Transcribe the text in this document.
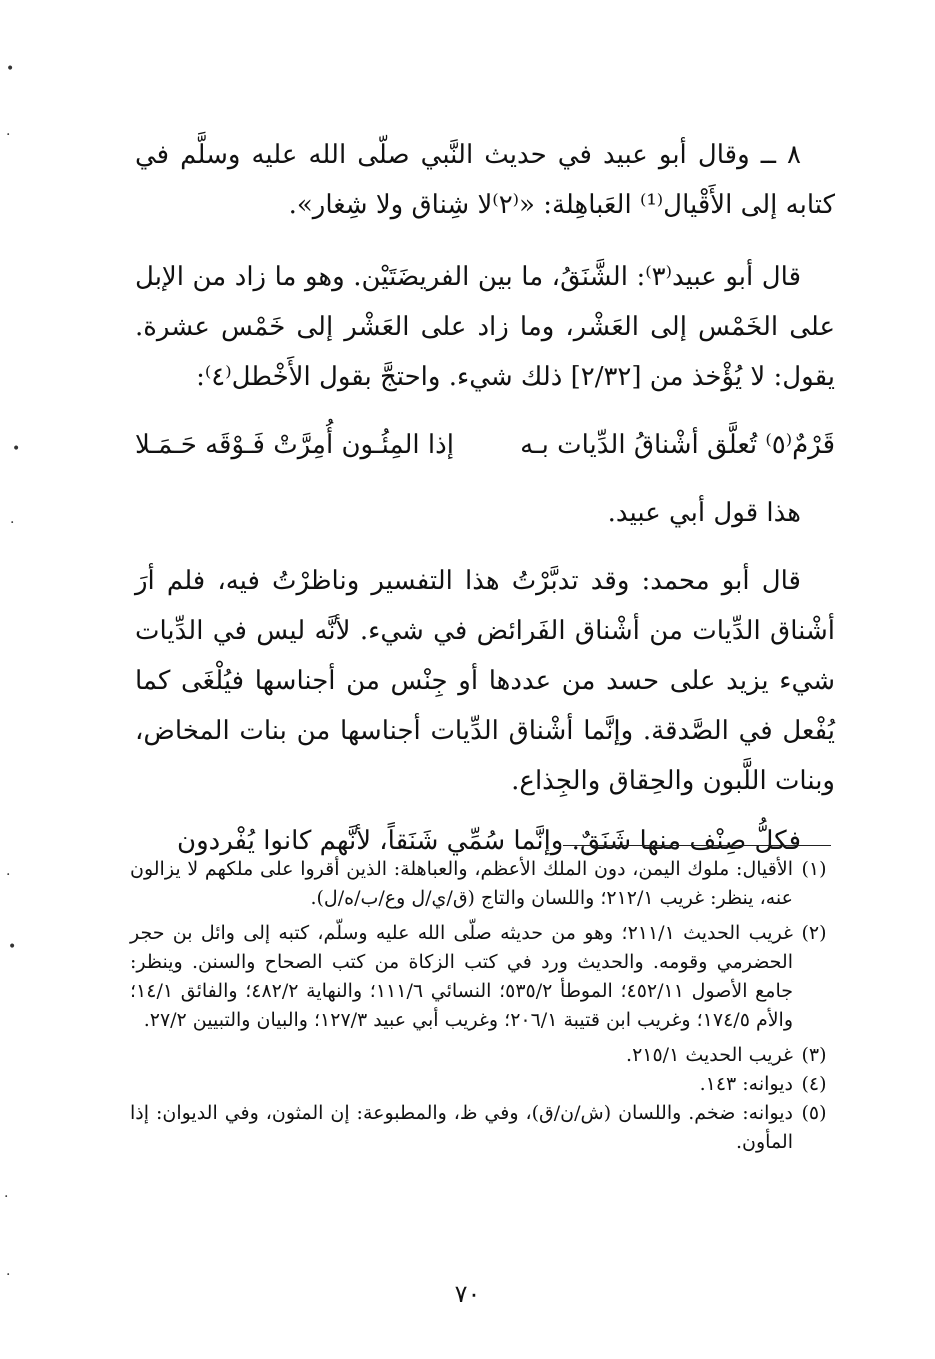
٨ ــ وقال أبو عبيد في حديث النَّبي صلّى الله عليه وسلَّم في كتابه إلى الأَقْيال⁽¹⁾ العَباهِلة: «⁽٢⁾لا شِناق ولا شِغار».

قال أبو عبيد⁽٣⁾: الشَّنَقُ، ما بين الفريضَتَيْن. وهو ما زاد من الإبل على الخَمْس إلى العَشْر، وما زاد على العَشْر إلى خَمْس عشرة. يقول: لا يُؤْخذ من [٢/٣٢] ذلك شيء. واحتجَّ بقول الأَخْطل⁽٤⁾:

قَرْمٌ⁽٥⁾ تُعلَّق أشْناقُ الدِّيات بـه
إذا المِئُـون أُمِرَّتْ فَـوْقَه حَـمَـلا

هذا قول أبي عبيد.

قال أبو محمد: وقد تدبَّرْتُ هذا التفسير وناظرْتُ فيه، فلم أرَ أشْناق الدِّيات من أشْناق الفَرائض في شيء. لأنَّه ليس في الدِّيات شيء يزيد على حسد من عددها أو جِنْس من أجناسها فيُلْغَى كما يُفْعل في الصَّدقة. وإنَّما أشْناق الدِّيات أجناسها من بنات المخاض، وبنات اللَّبون والحِقاق والجِذاع.

فكلُّ صِنْف منها شَنَقٌ. وإنَّما سُمِّي شَنَقاً، لأنَّهم كانوا يُفْردون

(١)
الأقيال: ملوك اليمن، دون الملك الأعظم، والعباهلة: الذين أقروا على ملكهم لا يزالون عنه، ينظر: غريب ٢١٢/١؛ واللسان والتاج (ق/ي/ل وع/ب/ه/ل).
(٢)
غريب الحديث ٢١١/١؛ وهو من حديثه صلّى الله عليه وسلّم، كتبه إلى وائل بن حجر الحضرمي وقومه. والحديث ورد في كتب الزكاة من كتب الصحاح والسنن. وينظر: جامع الأصول ٤٥٢/١١؛ الموطأ ٥٣٥/٢؛ النسائي ١١١/٦؛ والنهاية ٤٨٢/٢؛ والفائق ١٤/١؛ والأم ١٧٤/٥؛ وغريب ابن قتيبة ٢٠٦/١؛ وغريب أبي عبيد ١٢٧/٣؛ والبيان والتبيين ٢٧/٢.
(٣)
غريب الحديث ٢١٥/١.
(٤)
ديوانه: ١٤٣.
(٥)
ديوانه: ضخم. واللسان (ش/ن/ق)، وفي ظ، والمطبوعة: إن المثون، وفي الديوان: إذا المأون.
٧٠
•
·
•
·
·
•
·
·
